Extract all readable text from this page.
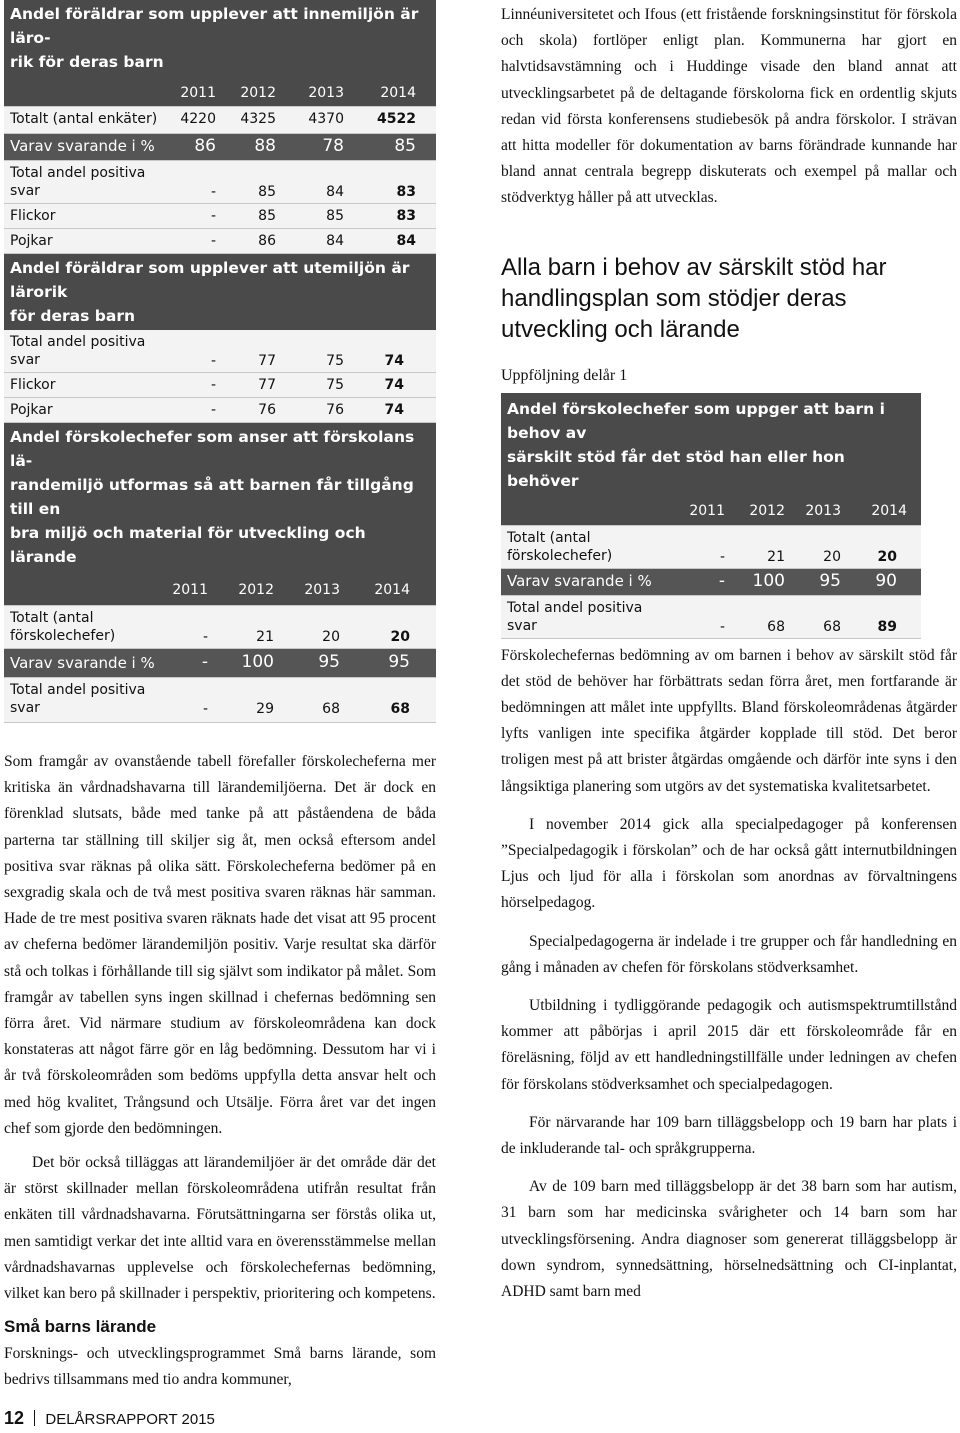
Andel föräldrar som upplever att innemiljön är lärо-
rik för deras barn
2011	2012	2013	2014
Totalt (antal enkäter)	4220	4325	4370	4522
Varav svarande i %	86	88	78	85
Total andel positiva
svar	-	85	84	83
Flickor	-	85	85	83
Pojkar	-	86	84	84
Andel föräldrar som upplever att utemiljön är lärorik
för deras barn
Total andel positiva
svar	-	77	75	74
Flickor	-	77	75	74
Pojkar	-	76	76	74
Andel förskolechefer som anser att förskolans lä-
randemiljö utformas så att barnen får tillgång till en
bra miljö och material för utveckling och lärande
2011	2012	2013	2014
Totalt (antal
förskolechefer)	-	21	20	20
Varav svarande i %	-	100	95	95
Total andel positiva
svar	-	29	68	68

Som framgår av ovanstående tabell förefaller förskolecheferna mer kritiska än vårdnadshavarna till lärandemiljöerna. Det är dock en förenklad slutsats, både med tanke på att påståendena de båda parterna tar ställning till skiljer sig åt, men också eftersom andel positiva svar räknas på olika sätt. Förskolecheferna bedömer på en sexgradig skala och de två mest positiva svaren räknas här samman. Hade de tre mest positiva svaren räknats hade det visat att 95 procent av cheferna bedömer lärandemiljön positiv. Varje resultat ska därför stå och tolkas i förhållande till sig självt som indikator på målet. Som framgår av tabellen syns ingen skillnad i chefernas bedömning sen förra året. Vid närmare studium av förskoleområdena kan dock konstateras att något färre gör en låg bedömning. Dessutom har vi i år två förskoleområden som bedöms uppfylla detta ansvar helt och med hög kvalitet, Trångsund och Utsälje. Förra året var det ingen chef som gjorde den bedömningen.

Det bör också tilläggas att lärandemiljöer är det område där det är störst skillnader mellan förskoleområdena utifrån resultat från enkäten till vårdnadshavarna. Förutsättningarna ser förstås olika ut, men samtidigt verkar det inte alltid vara en överensstämmelse mellan vårdnadshavarnas upplevelse och förskolechefernas bedömning, vilket kan bero på skillnader i perspektiv, prioritering och kompetens.

Små barns lärande

Forsknings- och utvecklingsprogrammet Små barns lärande, som bedrivs tillsammans med tio andra kommuner,

Linnéuniversitetet och Ifous (ett fristående forskningsinstitut för förskola och skola) fortlöper enligt plan. Kommunerna har gjort en halvtidsavstämning och i Huddinge visade den bland annat att utvecklingsarbetet på de deltagande förskolorna fick en ordentlig skjuts redan vid första konferensens studiebesök på andra förskolor. I strävan att hitta modeller för dokumentation av barns förändrade kunnande har bland annat centrala begrepp diskuterats och exempel på mallar och stödverktyg håller på att utvecklas.

Alla barn i behov av särskilt stöd har handlingsplan som stödjer deras utveckling och lärande
Uppföljning delår 1
Andel förskolechefer som uppger att barn i behov av
särskilt stöd får det stöd han eller hon behöver
2011	2012	2013	2014
Totalt (antal
förskolechefer)	-	21	20	20
Varav svarande i %	-	100	95	90
Total andel positiva
svar	-	68	68	89

Förskolechefernas bedömning av om barnen i behov av särskilt stöd får det stöd de behöver har förbättrats sedan förra året, men fortfarande är bedömningen att målet inte uppfyllts. Bland förskoleområdenas åtgärder lyfts vanligen inte specifika åtgärder kopplade till stöd. Det beror troligen mest på att brister åtgärdas omgående och därför inte syns i den långsiktiga planering som utgörs av det systematiska kvalitetsarbetet.

I november 2014 gick alla specialpedagoger på konferensen ”Specialpedagogik i förskolan” och de har också gått internutbildningen Ljus och ljud för alla i förskolan som anordnas av förvaltningens hörselpedagog.

Specialpedagogerna är indelade i tre grupper och får handledning en gång i månaden av chefen för förskolans stödverksamhet.

Utbildning i tydliggörande pedagogik och autismspektrumtillstånd kommer att påbörjas i april 2015 där ett förskoleområde får en föreläsning, följd av ett handledningstillfälle under ledningen av chefen för förskolans stödverksamhet och specialpedagogen.

För närvarande har 109 barn tilläggsbelopp och 19 barn har plats i de inkluderande tal- och språkgrupperna.

Av de 109 barn med tilläggsbelopp är det 38 barn som har autism, 31 barn som har medicinska svårigheter och 14 barn som har utvecklingsförsening. Andra diagnoser som genererat tilläggsbelopp är down syndrom, synnedsättning, hörselnedsättning och CI-inplantat, ADHD samt barn med

12 DELÅRSRAPPORT 2015
